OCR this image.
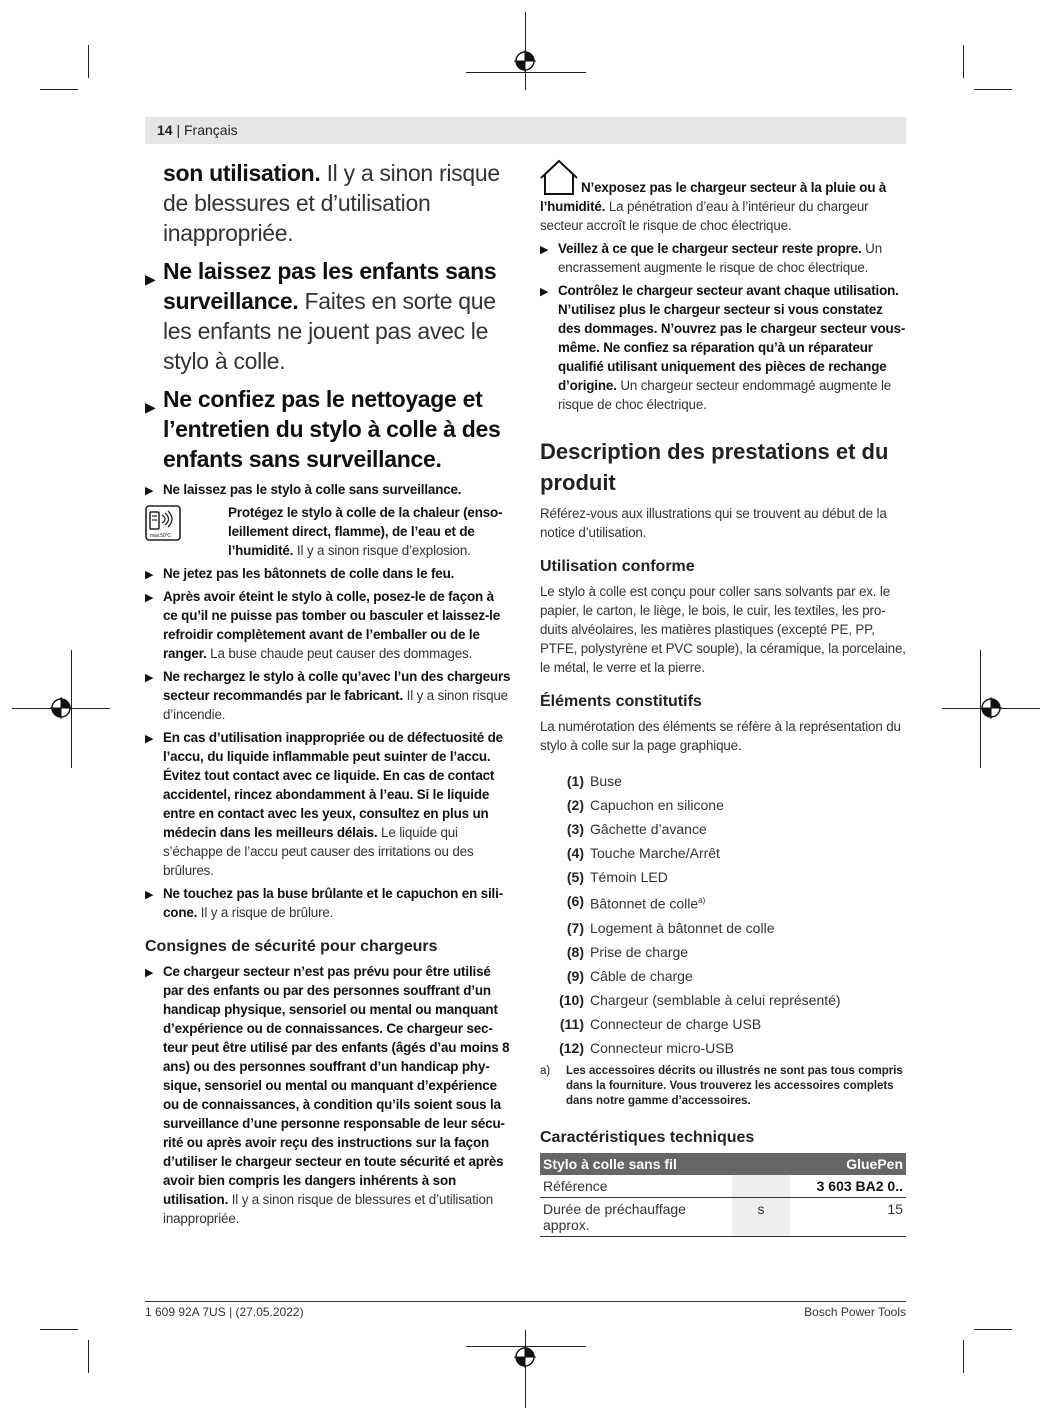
14 | Français

son utilisation. Il y a sinon risque de blessures et d’utilisation inappropriée.

▶ Ne laissez pas les enfants sans surveillance. Faites en sorte que les enfants ne jouent pas avec le stylo à colle.
▶ Ne confiez pas le nettoyage et l’entretien du stylo à colle à des enfants sans surveillance.
▶ Ne laissez pas le stylo à colle sans surveillance.
max.50°C
Protégez le stylo à colle de la chaleur (ensoleillement direct, flamme), de l’eau et de l’humidité. Il y a sinon risque d’explosion.
▶ Ne jetez pas les bâtonnets de colle dans le feu.
▶ Après avoir éteint le stylo à colle, posez-le de façon à ce qu’il ne puisse pas tomber ou basculer et laissez-le refroidir complètement avant de l’emballer ou de le ranger. La buse chaude peut causer des dommages.
▶ Ne rechargez le stylo à colle qu’avec l’un des chargeurs secteur recommandés par le fabricant. Il y a sinon risque d’incendie.
▶ En cas d’utilisation inappropriée ou de défectuosité de l’accu, du liquide inflammable peut suinter de l’accu. Évitez tout contact avec ce liquide. En cas de contact accidentel, rincez abondamment à l’eau. Si le liquide entre en contact avec les yeux, consultez en plus un médecin dans les meilleurs délais. Le liquide qui s’échappe de l’accu peut causer des irritations ou des brûlures.
▶ Ne touchez pas la buse brûlante et le capuchon en silicone. Il y a risque de brûlure.
Consignes de sécurité pour chargeurs
▶ Ce chargeur secteur n’est pas prévu pour être utilisé par des enfants ou par des personnes souffrant d’un handicap physique, sensoriel ou mental ou manquant d’expérience ou de connaissances. Ce chargeur secteur peut être utilisé par des enfants (âgés d’au moins 8 ans) ou des personnes souffrant d’un handicap physique, sensoriel ou mental ou manquant d’expérience ou de connaissances, à condition qu’ils soient sous la surveillance d’une personne responsable de leur sécurité ou après avoir reçu des instructions sur la façon d’utiliser le chargeur secteur en toute sécurité et après avoir bien compris les dangers inhérents à son utilisation. Il y a sinon risque de blessures et d’utilisation inappropriée.
N’exposez pas le chargeur secteur à la pluie ou à l’humidité. La pénétration d’eau à l’intérieur du chargeur secteur accroît le risque de choc électrique.
▶ Veillez à ce que le chargeur secteur reste propre. Un encrassement augmente le risque de choc électrique.
▶ Contrôlez le chargeur secteur avant chaque utilisation. N’utilisez plus le chargeur secteur si vous constatez des dommages. N’ouvrez pas le chargeur secteur vous-même. Ne confiez sa réparation qu’à un réparateur qualifié utilisant uniquement des pièces de rechange d’origine. Un chargeur secteur endommagé augmente le risque de choc électrique.
Description des prestations et du produit

Référez-vous aux illustrations qui se trouvent au début de la notice d’utilisation.

Utilisation conforme

Le stylo à colle est conçu pour coller sans solvants par ex. le papier, le carton, le liège, le bois, le cuir, les textiles, les produits alvéolaires, les matières plastiques (excepté PE, PP, PTFE, polystyrène et PVC souple), la céramique, la porcelaine, le métal, le verre et la pierre.

Éléments constitutifs

La numérotation des éléments se réfère à la représentation du stylo à colle sur la page graphique.

(1) Buse
(2) Capuchon en silicone
(3) Gâchette d’avance
(4) Touche Marche/Arrêt
(5) Témoin LED
(6) Bâtonnet de colle$^{a)}$
(7) Logement à bâtonnet de colle
(8) Prise de charge
(9) Câble de charge
(10) Chargeur (semblable à celui représenté)
(11) Connecteur de charge USB
(12) Connecteur micro-USB
a)	Les accessoires décrits ou illustrés ne sont pas tous compris dans la fourniture. Vous trouverez les accessoires complets dans notre gamme d’accessoires.
Caractéristiques techniques
Stylo à colle sans fil		GluePen
Référence		3 603 BA2 0..
Durée de préchauffage approx.	s	15
1 609 92A 7US | (27.05.2022)	Bosch Power Tools
